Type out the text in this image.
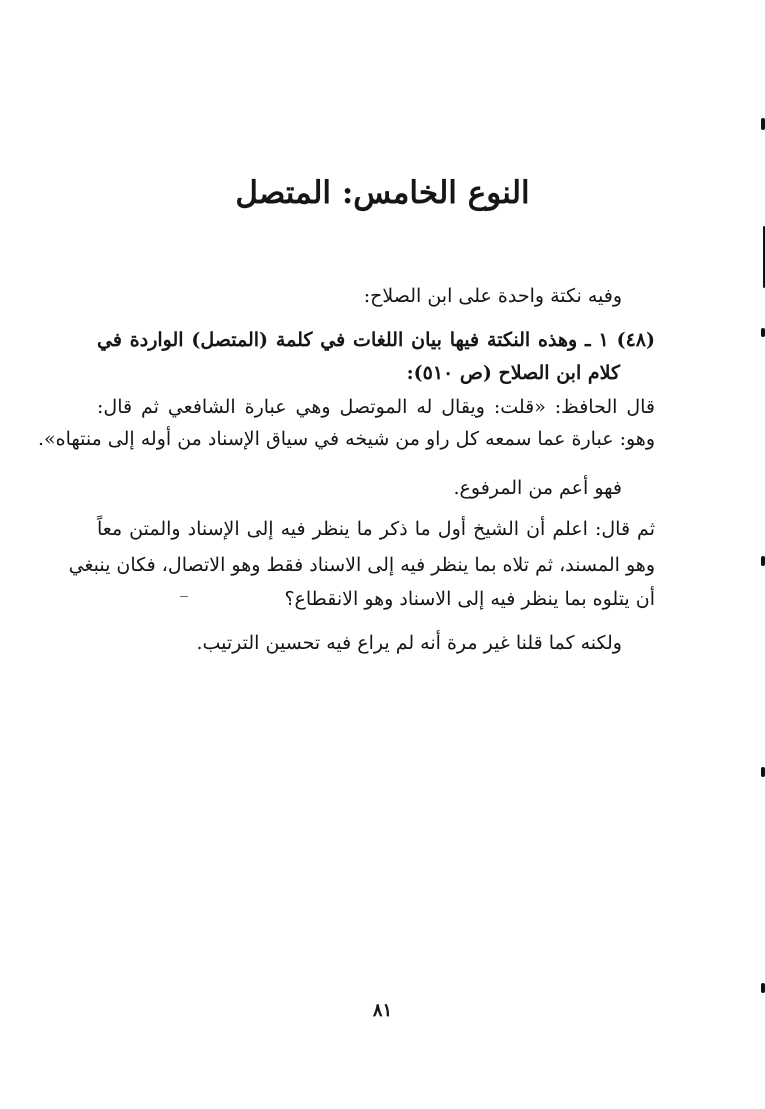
النوع الخامس: المتصل

وفيه نكتة واحدة على ابن الصلاح:

(٤٨) ١ ـ وهذه النكتة فيها بيان اللغات في كلمة (المتصل) الواردة في

كلام ابن الصلاح (ص ٥١٠):

قال الحافظ: «قلت: ويقال له الموتصل وهي عبارة الشافعي ثم قال:

وهو: عبارة عما سمعه كل راو من شيخه في سياق الإسناد من أوله إلى منتهاه».

فهو أعم من المرفوع.

ثم قال: اعلم أن الشيخ أول ما ذكر ما ينظر فيه إلى الإسناد والمتن معاً

وهو المسند، ثم تلاه بما ينظر فيه إلى الاسناد فقط وهو الاتصال، فكان ينبغي

أن يتلوه بما ينظر فيه إلى الاسناد وهو الانقطاع؟

ولكنه كما قلنا غير مرة أنه لم يراع فيه تحسين الترتيب.

٨١
